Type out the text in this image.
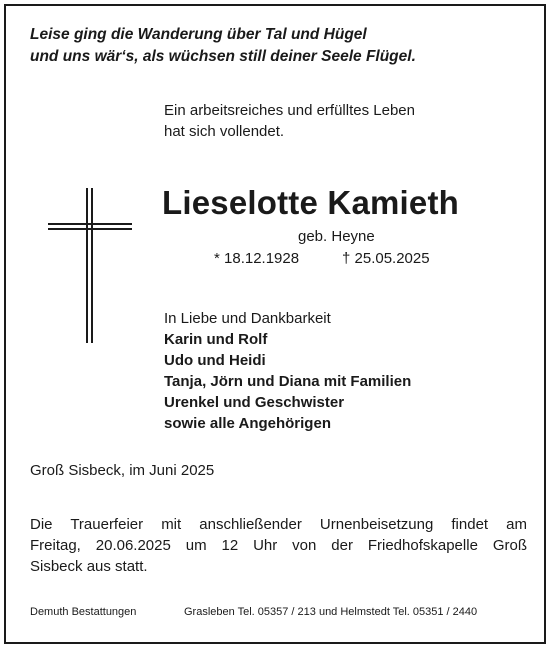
Leise ging die Wanderung über Tal und Hügel
und uns wär‘s, als wüchsen still deiner Seele Flügel.
Ein arbeitsreiches und erfülltes Leben
hat sich vollendet.
Lieselotte Kamieth
geb. Heyne
* 18.12.1928	† 25.05.2025
In Liebe und Dankbarkeit
Karin und Rolf
Udo und Heidi
Tanja, Jörn und Diana mit Familien
Urenkel und Geschwister
sowie alle Angehörigen
Groß Sisbeck, im Juni 2025
Die Trauerfeier mit anschließender Urnenbeisetzung findet am
Freitag, 20.06.2025 um 12 Uhr von der Friedhofskapelle Groß
Sisbeck aus statt.
Demuth Bestattungen	Grasleben Tel. 05357 / 213 und Helmstedt Tel. 05351 / 2440
